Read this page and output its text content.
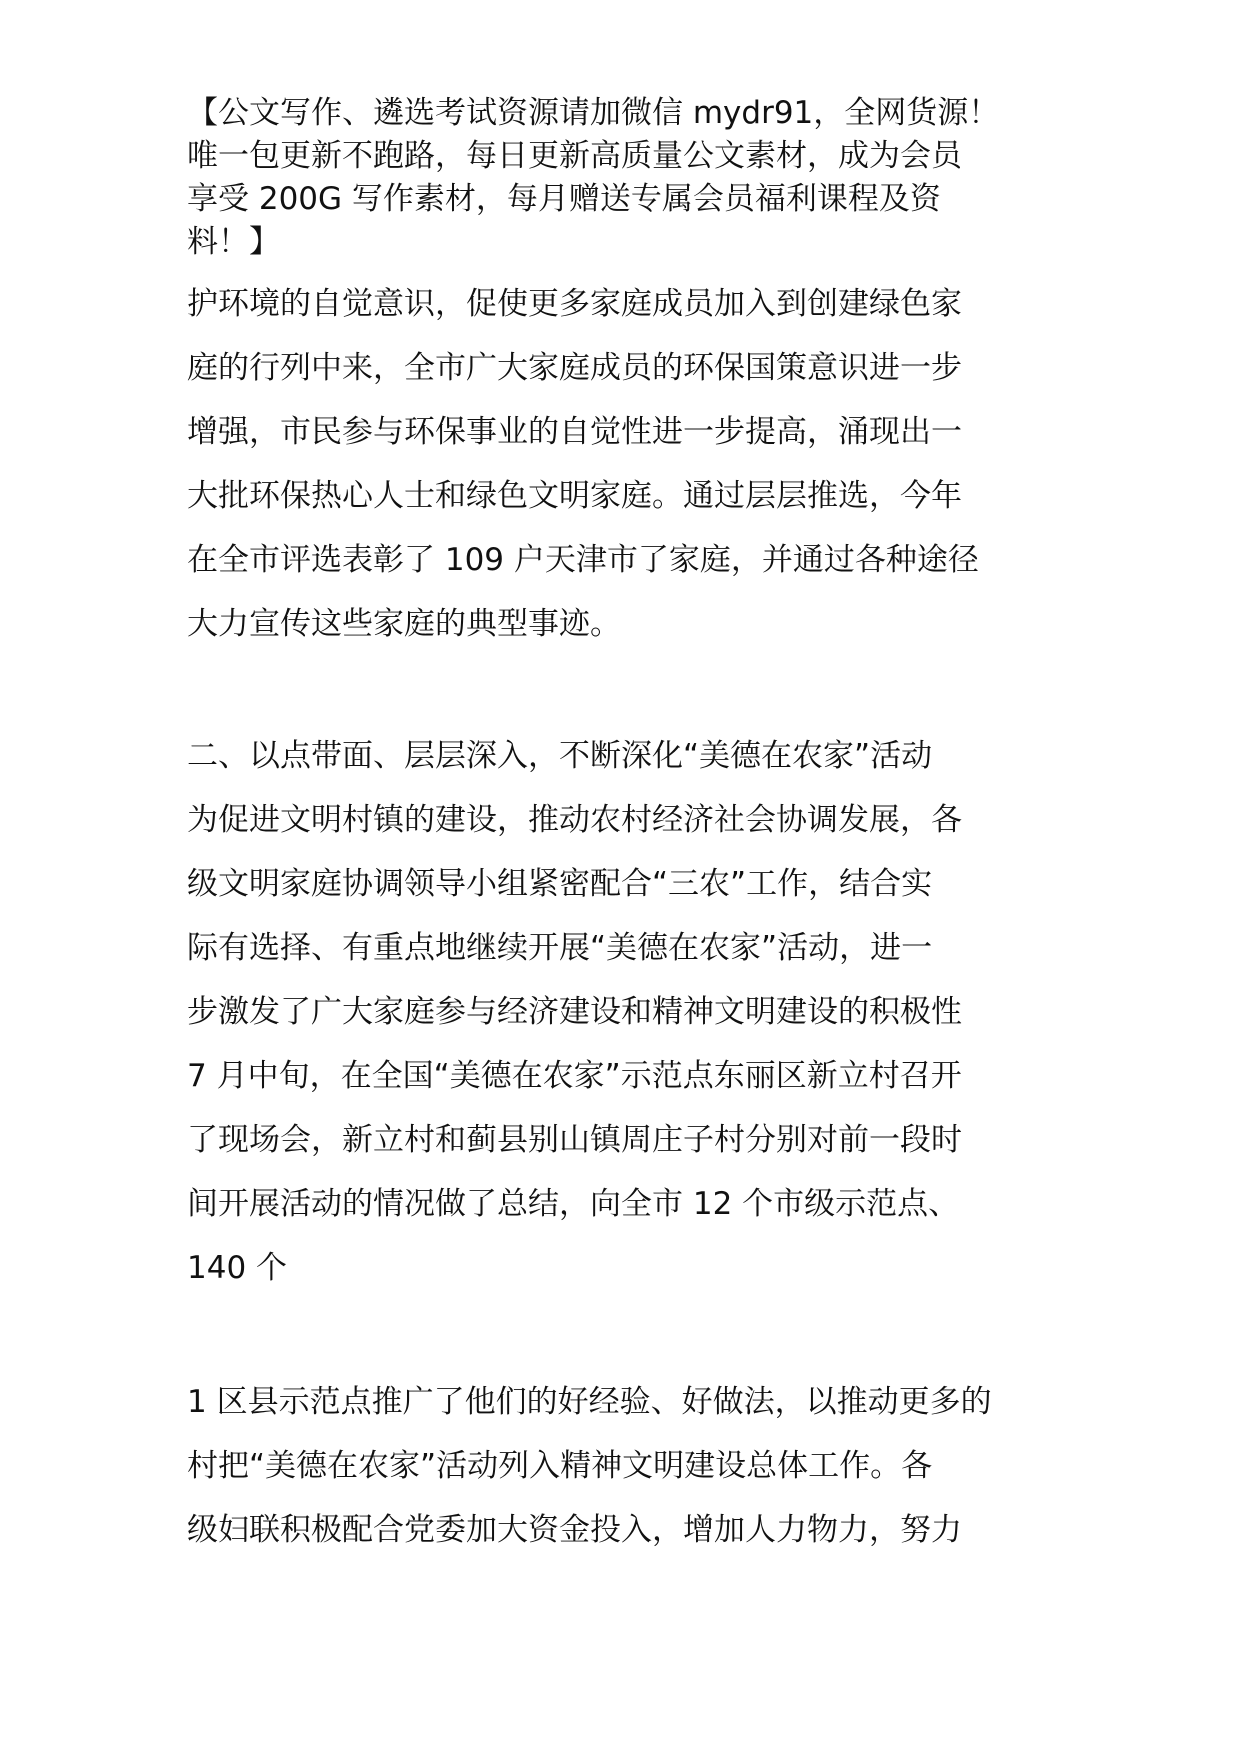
【公文写作、遴选考试资源请加微信 mydr91，全网货源！
唯一包更新不跑路，每日更新高质量公文素材，成为会员
享受 200G 写作素材，每月赠送专属会员福利课程及资
料！】

护环境的自觉意识，促使更多家庭成员加入到创建绿色家

庭的行列中来，全市广大家庭成员的环保国策意识进一步

增强，市民参与环保事业的自觉性进一步提高，涌现出一

大批环保热心人士和绿色文明家庭。通过层层推选，今年

在全市评选表彰了 109 户天津市了家庭，并通过各种途径

大力宣传这些家庭的典型事迹。

二、以点带面、层层深入，不断深化“美德在农家”活动

为促进文明村镇的建设，推动农村经济社会协调发展，各

级文明家庭协调领导小组紧密配合“三农”工作，结合实

际有选择、有重点地继续开展“美德在农家”活动，进一

步激发了广大家庭参与经济建设和精神文明建设的积极性

7 月中旬，在全国“美德在农家”示范点东丽区新立村召开

了现场会，新立村和蓟县别山镇周庄子村分别对前一段时

间开展活动的情况做了总结，向全市 12 个市级示范点、

140 个

1 区县示范点推广了他们的好经验、好做法，以推动更多的

村把“美德在农家”活动列入精神文明建设总体工作。各

级妇联积极配合党委加大资金投入，增加人力物力，努力
